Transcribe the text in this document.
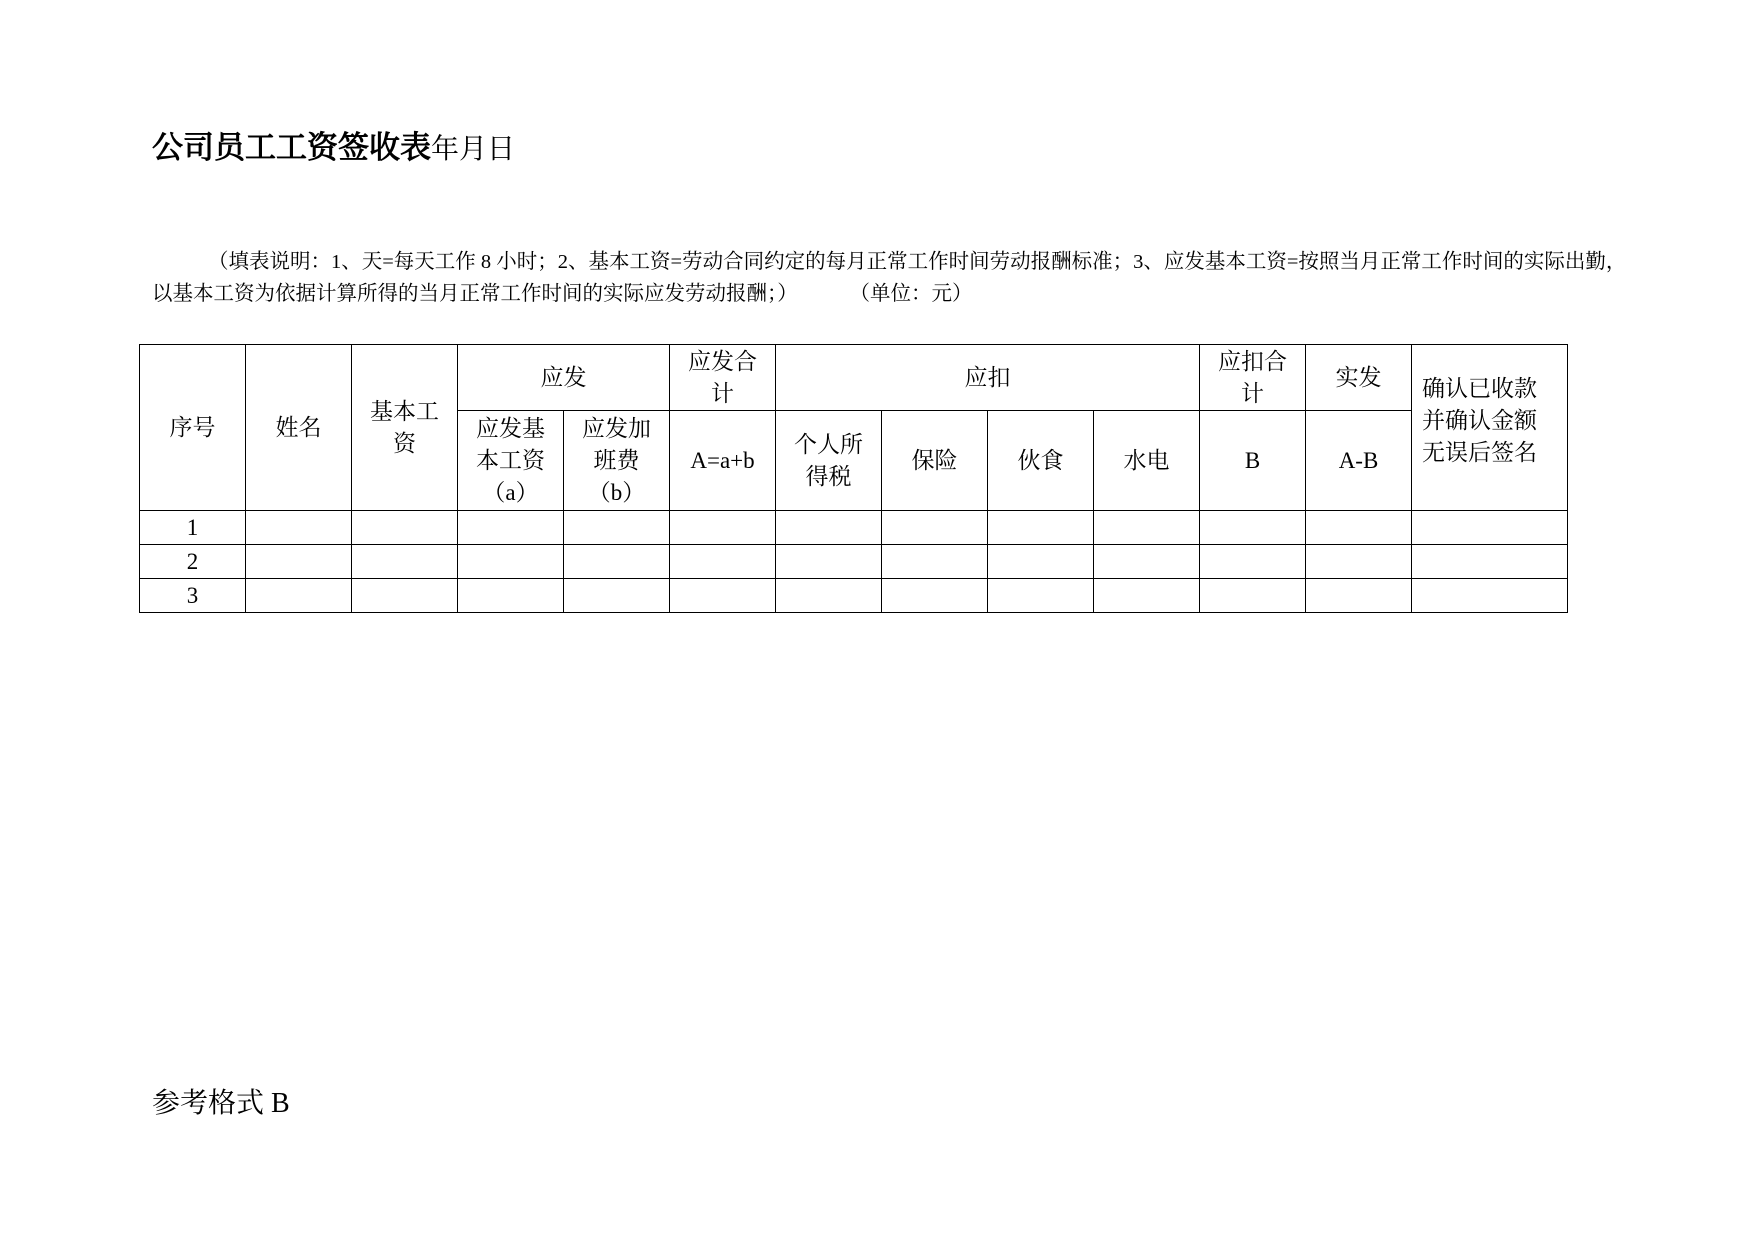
公司员工工资签收表年月日
（填表说明：1、天=每天工作 8 小时；2、基本工资=劳动合同约定的每月正常工作时间劳动报酬标准；3、应发基本工资=按照当月正常工作时间的实际出勤，以基本工资为依据计算所得的当月正常工作时间的实际应发劳动报酬；）	（单位：元）
序号	姓名	基本工资	应发		应发合计	应扣				应扣合计	实发	确认已收款并确认金额无误后签名
			应发基本工资（a）	应发加班费（b）	A=a+b	个人所得税	保险	伙食	水电	B	A-B	
1												
2												
3												
参考格式 B
